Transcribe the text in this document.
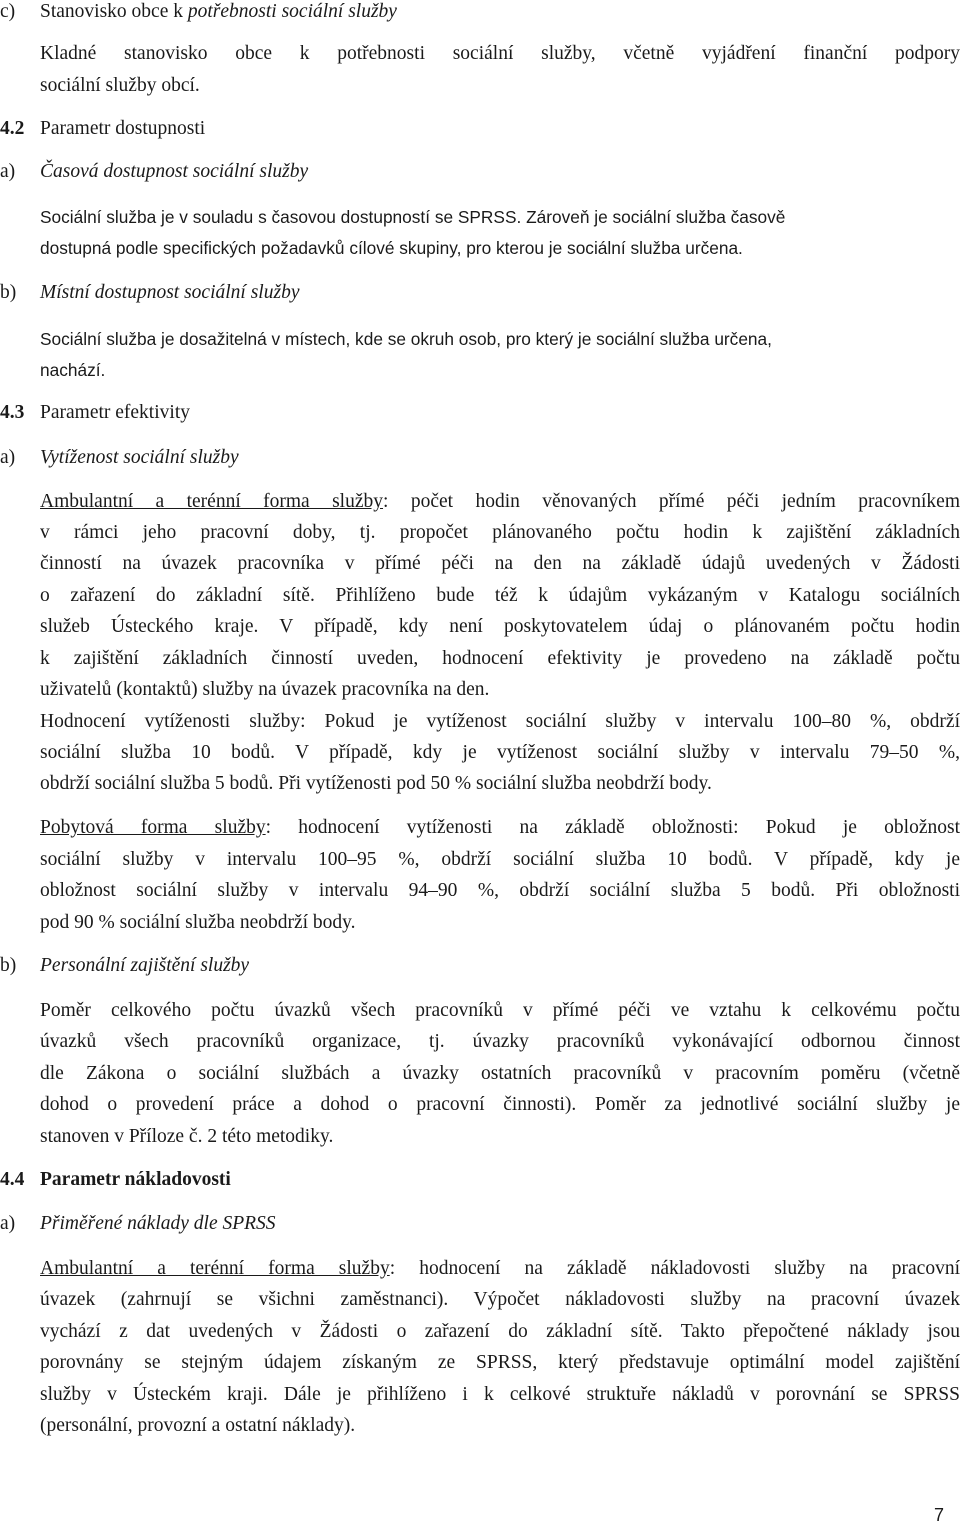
c) Stanovisko obce k potřebnosti sociální služby
Kladné stanovisko obce k potřebnosti sociální služby, včetně vyjádření finanční podpory
sociální služby obcí.
4.2 Parametr dostupnosti
a) Časová dostupnost sociální služby
Sociální služba je v souladu s časovou dostupností se SPRSS. Zároveň je sociální služba časově
dostupná podle specifických požadavků cílové skupiny, pro kterou je sociální služba určena.
b) Místní dostupnost sociální služby
Sociální služba je dosažitelná v místech, kde se okruh osob, pro který je sociální služba určena,
nachází.
4.3 Parametr efektivity
a) Vytíženost sociální služby
Ambulantní a terénní forma služby: počet hodin věnovaných přímé péči jedním pracovníkem
v rámci jeho pracovní doby, tj. propočet plánovaného počtu hodin k zajištění základních
činností na úvazek pracovníka v přímé péči na den na základě údajů uvedených v Žádosti
o zařazení do základní sítě. Přihlíženo bude též k údajům vykázaným v Katalogu sociálních
služeb Ústeckého kraje. V případě, kdy není poskytovatelem údaj o plánovaném počtu hodin
k zajištění základních činností uveden, hodnocení efektivity je provedeno na základě počtu
uživatelů (kontaktů) služby na úvazek pracovníka na den.
Hodnocení vytíženosti služby: Pokud je vytíženost sociální služby v intervalu 100–80 %, obdrží
sociální služba 10 bodů. V případě, kdy je vytíženost sociální služby v intervalu 79–50 %,
obdrží sociální služba 5 bodů. Při vytíženosti pod 50 % sociální služba neobdrží body.
Pobytová forma služby: hodnocení vytíženosti na základě obložnosti: Pokud je obložnost
sociální služby v intervalu 100–95 %, obdrží sociální služba 10 bodů. V případě, kdy je
obložnost sociální služby v intervalu 94–90 %, obdrží sociální služba 5 bodů. Při obložnosti
pod 90 % sociální služba neobdrží body.
b) Personální zajištění služby
Poměr celkového počtu úvazků všech pracovníků v přímé péči ve vztahu k celkovému počtu
úvazků všech pracovníků organizace, tj. úvazky pracovníků vykonávající odbornou činnost
dle Zákona o sociální službách a úvazky ostatních pracovníků v pracovním poměru (včetně
dohod o provedení práce a dohod o pracovní činnosti). Poměr za jednotlivé sociální služby je
stanoven v Příloze č. 2 této metodiky.
4.4 Parametr nákladovosti
a) Přiměřené náklady dle SPRSS
Ambulantní a terénní forma služby: hodnocení na základě nákladovosti služby na pracovní
úvazek (zahrnují se všichni zaměstnanci). Výpočet nákladovosti služby na pracovní úvazek
vychází z dat uvedených v Žádosti o zařazení do základní sítě. Takto přepočtené náklady jsou
porovnány se stejným údajem získaným ze SPRSS, který představuje optimální model zajištění
služby v Ústeckém kraji. Dále je přihlíženo i k celkové struktuře nákladů v porovnání se SPRSS
(personální, provozní a ostatní náklady).
7
